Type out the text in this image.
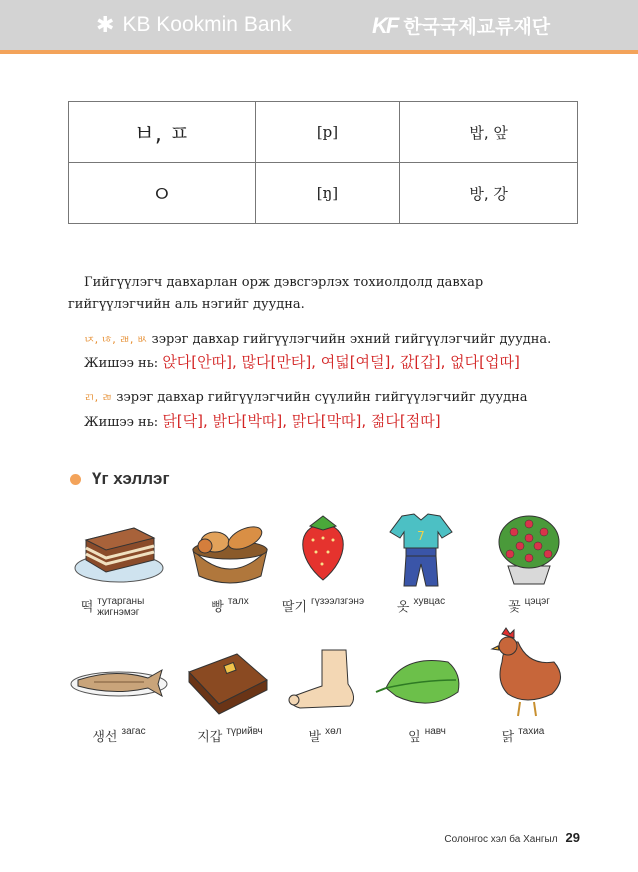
✱ KB Kookmin Bank	KF 한국국제교류재단
ㅂ, ㅍ	[p]	밥, 앞
ㅇ	[ŋ]	방, 강

Гийгүүлэгч давхарлан орж дэвсгэрлэх тохиолдолд давхар гийгүүлэгчийн аль нэгийг дуудна.

ㄵ, ㄶ, ㄼ, ㅄ зэрэг давхар гийгүүлэгчийн эхний гийгүүлэгчийг дуудна.
Жишээ нь: 앉다[안따], 많다[만타], 여덟[여덜], 값[갑], 없다[업따]
ㄺ, ㄻ зэрэг давхар гийгүүлэгчийн сүүлийн гийгүүлэгчийг дуудна
Жишээ нь: 닭[닥], 밝다[박따], 맑다[막따], 젊다[점따]
Үг хэллэг
떡 тутарганы жигнэмэг	빵 талх	딸기 гүзээлзгэнэ
7
옷 хувцас	꽃 цэцэг
생선 загас	지갑 түрийвч	발 хөл	잎 навч	닭 тахиа
Солонгос хэл ба Хангыл 29
